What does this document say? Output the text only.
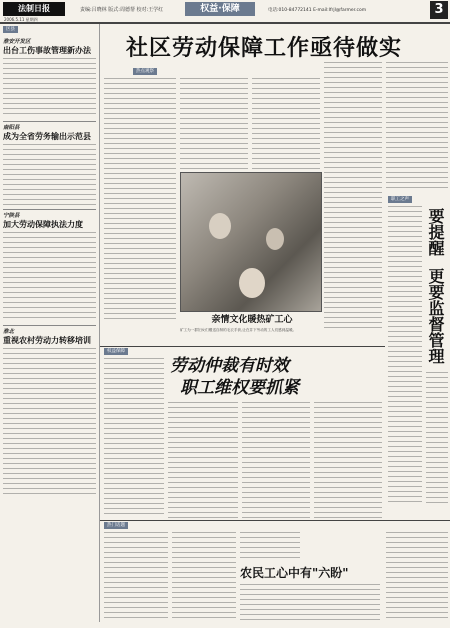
法制日报
2006.5.11 星期四
责编:吕晓林 版式:周德帮 校对:王学红	权益·保障	电话:010-84772141 E-mail:lfrjl@farmer.com	3
区县
淮安开发区
出台工伤事故管理新办法
南阳县
成为全省劳务输出示范县
宁陕县
加大劳动保障执法力度
淮北
重视农村劳动力转移培训
社区劳动保障工作亟待做实
热点观察
亲情文化暖热矿工心
矿工为一群妇女们赠送自制的毛衣手套,让在井下劳动的工人们感到温暖。
职工之声
要提醒
更要监督管理
权益保障
劳动仲裁有时效
职工维权要抓紧
热门话题
农民工心中有"六盼"
